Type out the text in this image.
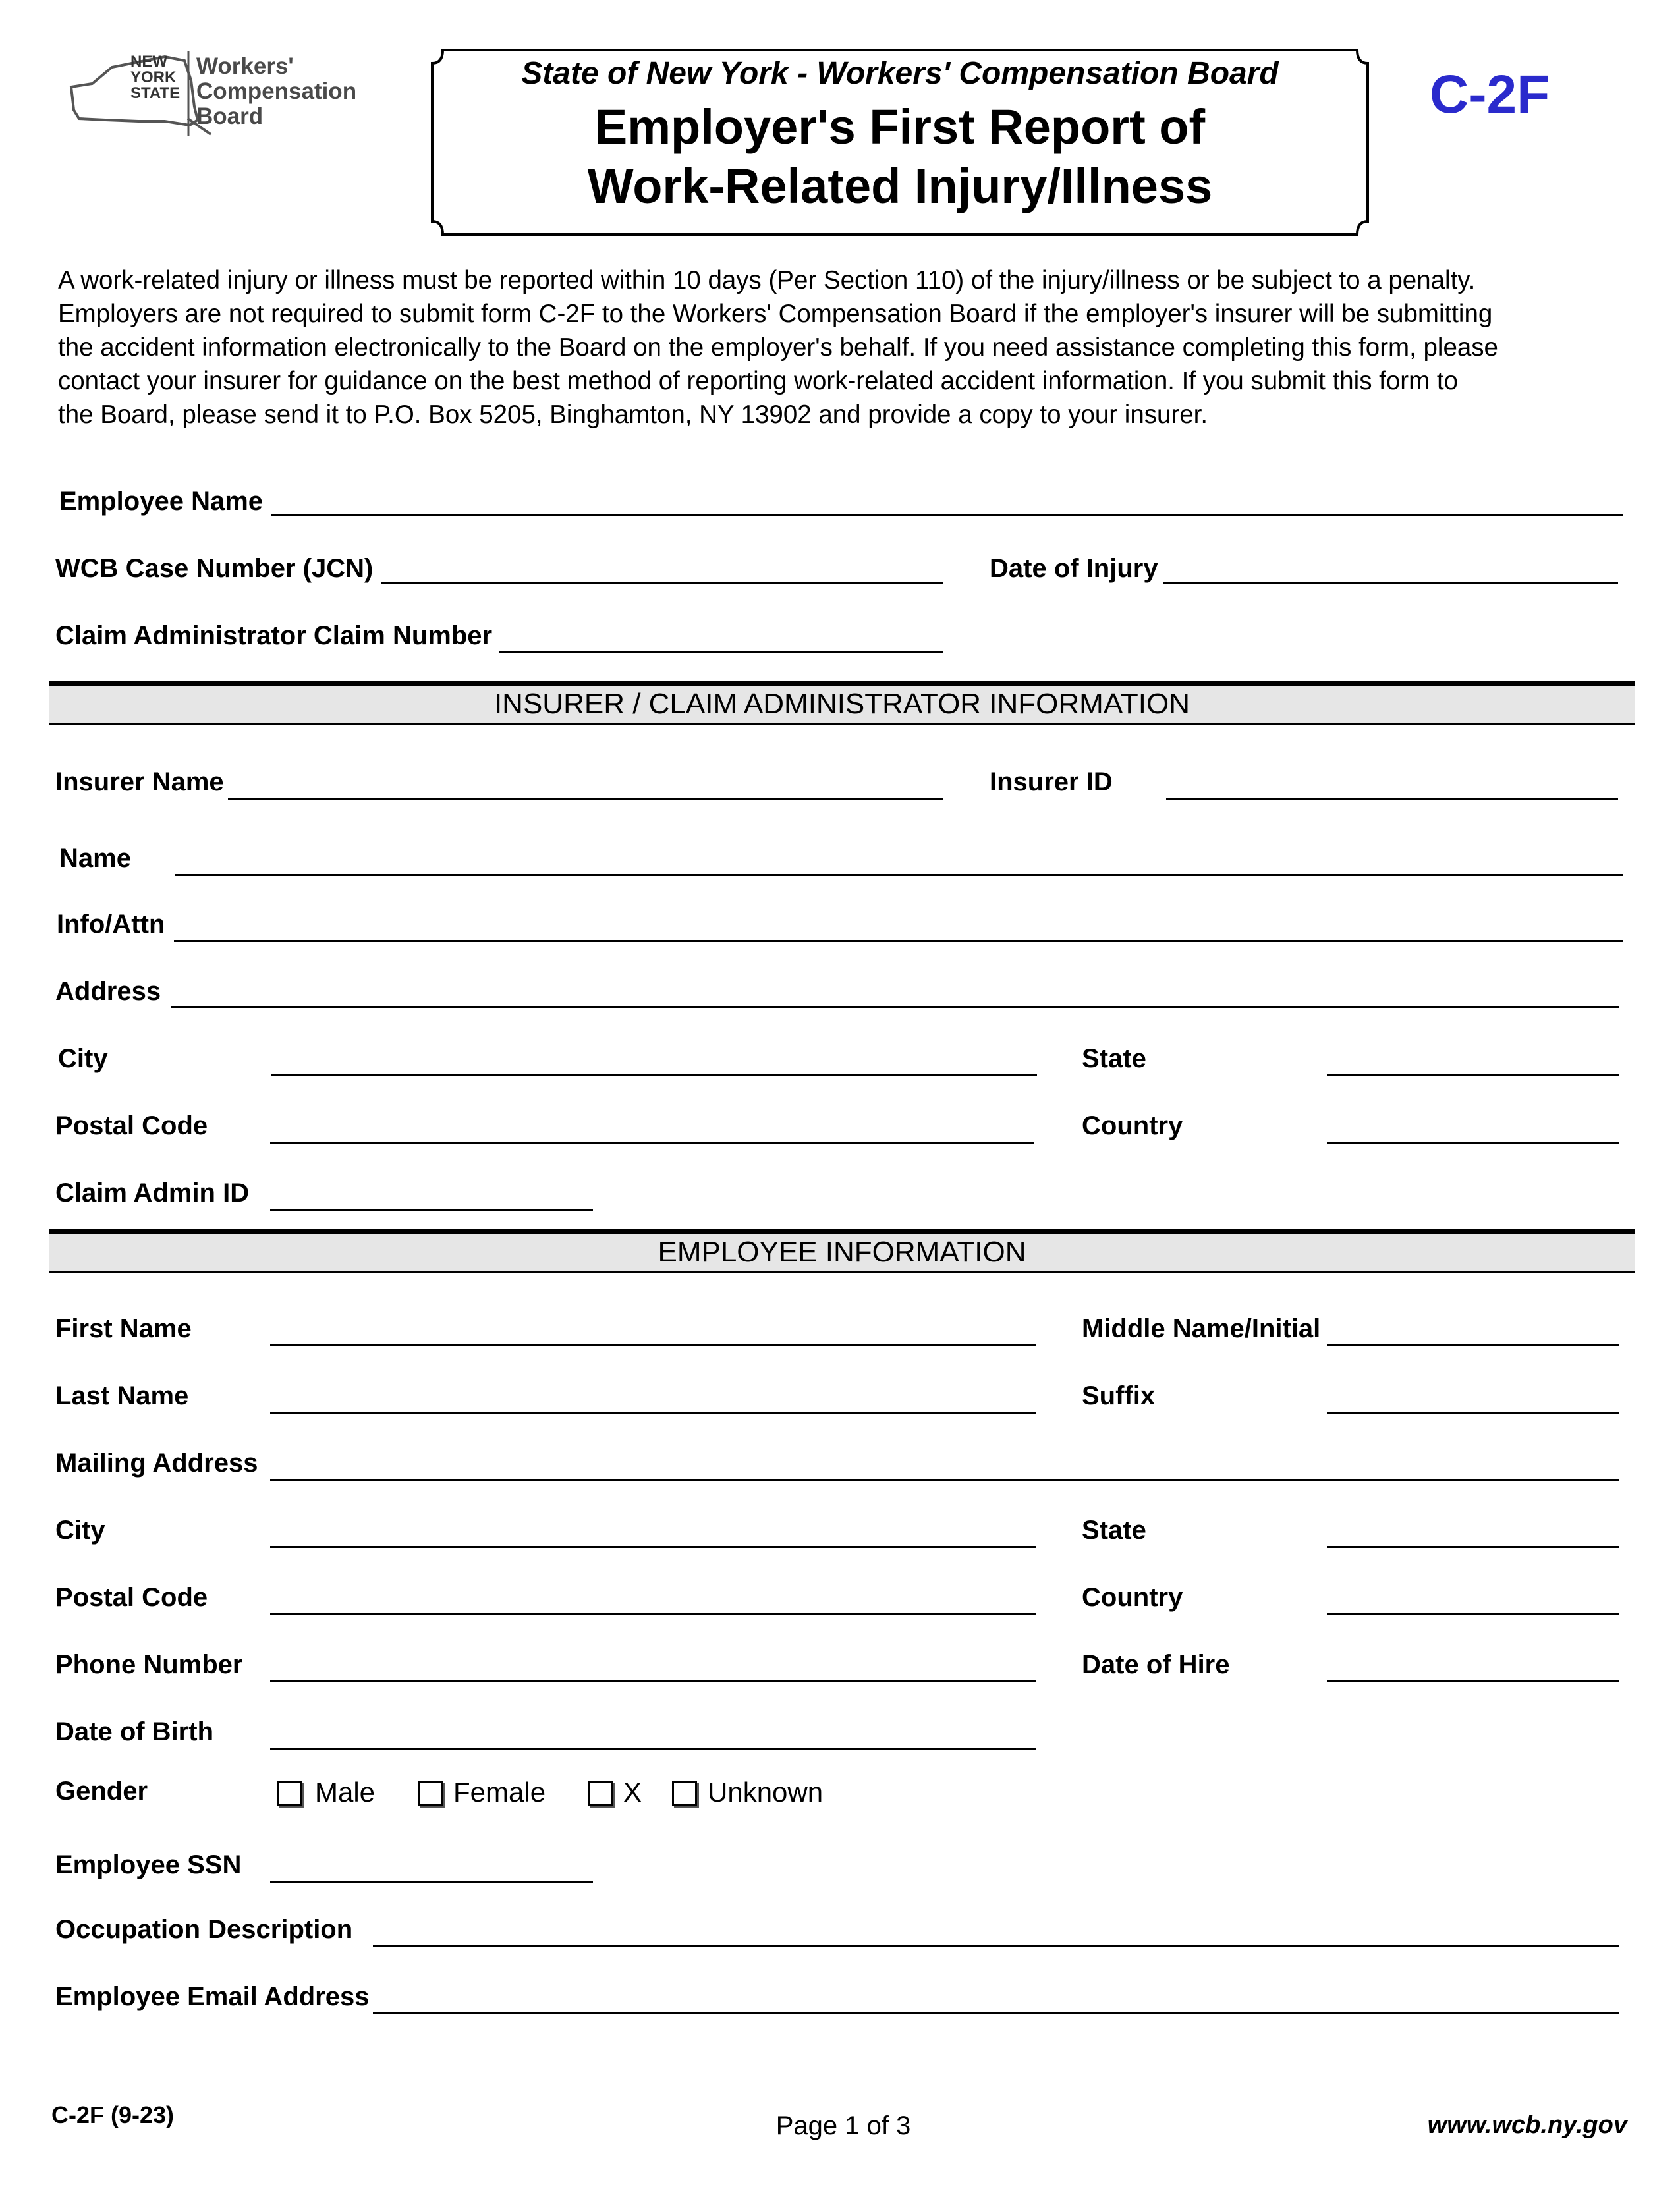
NEW YORK STATE
Workers'
Compensation
Board
State of New York - Workers' Compensation Board
Employer's First Report of
Work-Related Injury/Illness
C-2F

A work-related injury or illness must be reported within 10 days (Per Section 110) of the injury/illness or be subject to a penalty.

Employers are not required to submit form C-2F to the Workers' Compensation Board if the employer's insurer will be submitting

the accident information electronically to the Board on the employer's behalf. If you need assistance completing this form, please

contact your insurer for guidance on the best method of reporting work-related accident information. If you submit this form to

the Board, please send it to P.O. Box 5205, Binghamton, NY 13902 and provide a copy to your insurer.

Employee Name
WCB Case Number (JCN)	Date of Injury
Claim Administrator Claim Number
INSURER / CLAIM ADMINISTRATOR INFORMATION
Insurer Name	Insurer ID
Name
Info/Attn
Address
City	State
Postal Code	Country
Claim Admin ID
EMPLOYEE INFORMATION
First Name	Middle Name/Initial
Last Name	Suffix
Mailing Address
City	State
Postal Code	Country
Phone Number	Date of Hire
Date of Birth
Gender	Male	Female	X Unknown
Employee SSN
Occupation Description
Employee Email Address
C-2F (9-23)	Page 1 of 3	www.wcb.ny.gov
